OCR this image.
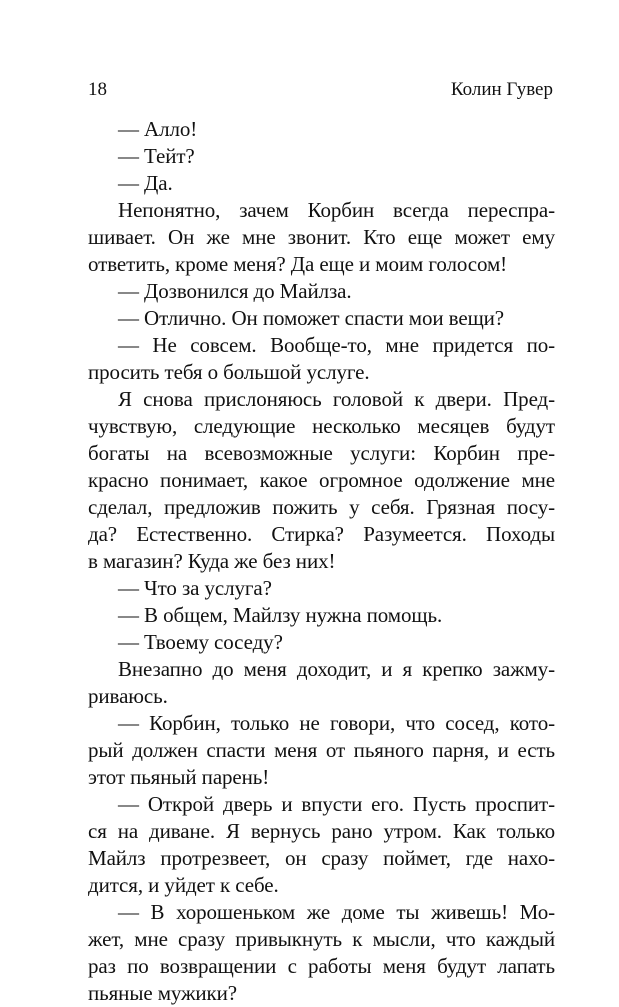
18	Колин Гувер
— Алло!
— Тейт?
— Да.
Непонятно, зачем Корбин всегда переспра-
шивает. Он же мне звонит. Кто еще может ему
ответить, кроме меня? Да еще и моим голосом!
— Дозвонился до Майлза.
— Отлично. Он поможет спасти мои вещи?
— Не совсем. Вообще-то, мне придется по-
просить тебя о большой услуге.
Я снова прислоняюсь головой к двери. Пред-
чувствую, следующие несколько месяцев будут
богаты на всевозможные услуги: Корбин пре-
красно понимает, какое огромное одолжение мне
сделал, предложив пожить у себя. Грязная посу-
да? Естественно. Стирка? Разумеется. Походы
в магазин? Куда же без них!
— Что за услуга?
— В общем, Майлзу нужна помощь.
— Твоему соседу?
Внезапно до меня доходит, и я крепко зажму-
риваюсь.
— Корбин, только не говори, что сосед, кото-
рый должен спасти меня от пьяного парня, и есть
этот пьяный парень!
— Открой дверь и впусти его. Пусть проспит-
ся на диване. Я вернусь рано утром. Как только
Майлз протрезвеет, он сразу поймет, где нахо-
дится, и уйдет к себе.
— В хорошеньком же доме ты живешь! Мо-
жет, мне сразу привыкнуть к мысли, что каждый
раз по возвращении с работы меня будут лапать
пьяные мужики?
